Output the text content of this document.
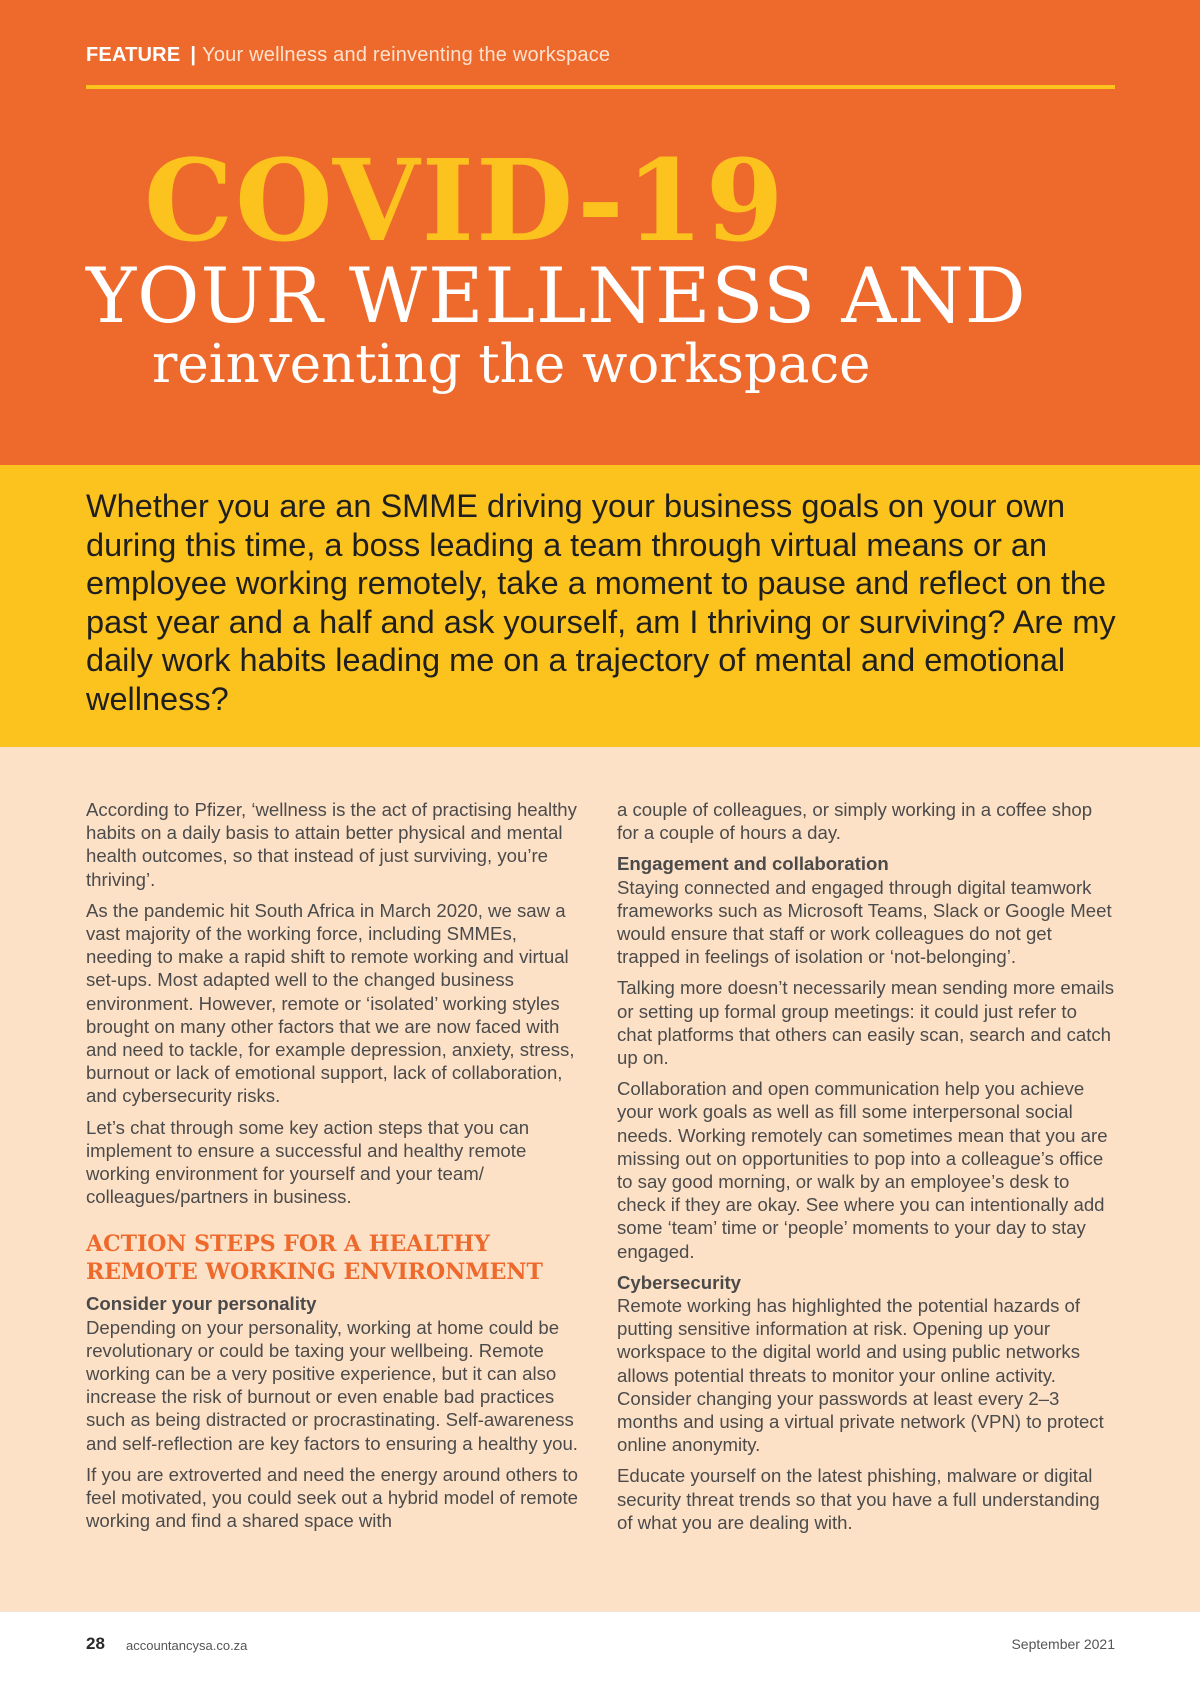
FEATURE | Your wellness and reinventing the workspace
COVID-19
YOUR WELLNESS AND
reinventing the workspace

Whether you are an SMME driving your business goals on your own during this time, a boss leading a team through virtual means or an employee working remotely, take a moment to pause and reflect on the past year and a half and ask yourself, am I thriving or surviving? Are my daily work habits leading me on a trajectory of mental and emotional wellness?

According to Pfizer, ‘wellness is the act of practising healthy habits on a daily basis to attain better physical and mental health outcomes, so that instead of just surviving, you’re thriving’.

As the pandemic hit South Africa in March 2020, we saw a vast majority of the working force, including SMMEs, needing to make a rapid shift to remote working and virtual set-ups. Most adapted well to the changed business environment. However, remote or ‘isolated’ working styles brought on many other factors that we are now faced with and need to tackle, for example depression, anxiety, stress, burnout or lack of emotional support, lack of collaboration, and cybersecurity risks.

Let’s chat through some key action steps that you can implement to ensure a successful and healthy remote working environment for yourself and your team/ colleagues/partners in business.

ACTION STEPS FOR A HEALTHY REMOTE WORKING ENVIRONMENT
Consider your personality

Depending on your personality, working at home could be revolutionary or could be taxing your wellbeing. Remote working can be a very positive experience, but it can also increase the risk of burnout or even enable bad practices such as being distracted or procrastinating. Self-awareness and self-reflection are key factors to ensuring a healthy you.

If you are extroverted and need the energy around others to feel motivated, you could seek out a hybrid model of remote working and find a shared space with

a couple of colleagues, or simply working in a coffee shop for a couple of hours a day.

Engagement and collaboration

Staying connected and engaged through digital teamwork frameworks such as Microsoft Teams, Slack or Google Meet would ensure that staff or work colleagues do not get trapped in feelings of isolation or ‘not-belonging’.

Talking more doesn’t necessarily mean sending more emails or setting up formal group meetings: it could just refer to chat platforms that others can easily scan, search and catch up on.

Collaboration and open communication help you achieve your work goals as well as fill some interpersonal social needs. Working remotely can sometimes mean that you are missing out on opportunities to pop into a colleague’s office to say good morning, or walk by an employee’s desk to check if they are okay. See where you can intentionally add some ‘team’ time or ‘people’ moments to your day to stay engaged.

Cybersecurity

Remote working has highlighted the potential hazards of putting sensitive information at risk. Opening up your workspace to the digital world and using public networks allows potential threats to monitor your online activity. Consider changing your passwords at least every 2–3 months and using a virtual private network (VPN) to protect online anonymity.

Educate yourself on the latest phishing, malware or digital security threat trends so that you have a full understanding of what you are dealing with.

28 accountancysa.co.za	September 2021
